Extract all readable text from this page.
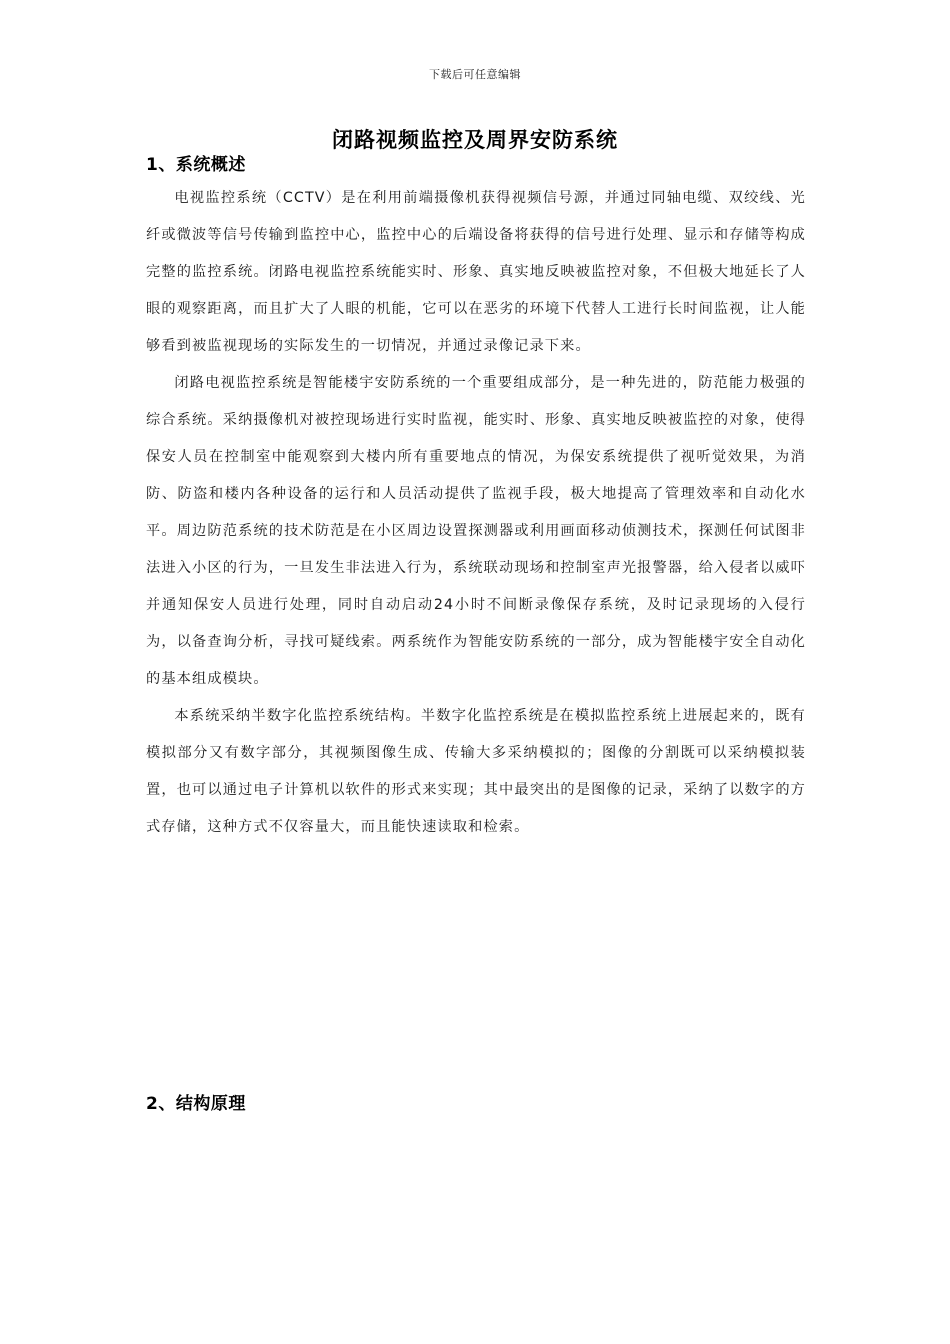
下载后可任意编辑
闭路视频监控及周界安防系统
1、系统概述

电视监控系统（CCTV）是在利用前端摄像机获得视频信号源，并通过同轴电缆、双绞线、光纤或微波等信号传输到监控中心，监控中心的后端设备将获得的信号进行处理、显示和存储等构成完整的监控系统。闭路电视监控系统能实时、形象、真实地反映被监控对象，不但极大地延长了人眼的观察距离，而且扩大了人眼的机能，它可以在恶劣的环境下代替人工进行长时间监视，让人能够看到被监视现场的实际发生的一切情况，并通过录像记录下来。

闭路电视监控系统是智能楼宇安防系统的一个重要组成部分，是一种先进的，防范能力极强的综合系统。采纳摄像机对被控现场进行实时监视，能实时、形象、真实地反映被监控的对象，使得保安人员在控制室中能观察到大楼内所有重要地点的情况，为保安系统提供了视听觉效果，为消防、防盗和楼内各种设备的运行和人员活动提供了监视手段，极大地提高了管理效率和自动化水平。周边防范系统的技术防范是在小区周边设置探测器或利用画面移动侦测技术，探测任何试图非法进入小区的行为，一旦发生非法进入行为，系统联动现场和控制室声光报警器，给入侵者以威吓并通知保安人员进行处理，同时自动启动24小时不间断录像保存系统，及时记录现场的入侵行为，以备查询分析，寻找可疑线索。两系统作为智能安防系统的一部分，成为智能楼宇安全自动化的基本组成模块。

本系统采纳半数字化监控系统结构。半数字化监控系统是在模拟监控系统上进展起来的，既有模拟部分又有数字部分，其视频图像生成、传输大多采纳模拟的；图像的分割既可以采纳模拟装置，也可以通过电子计算机以软件的形式来实现；其中最突出的是图像的记录，采纳了以数字的方式存储，这种方式不仅容量大，而且能快速读取和检索。

2、结构原理
